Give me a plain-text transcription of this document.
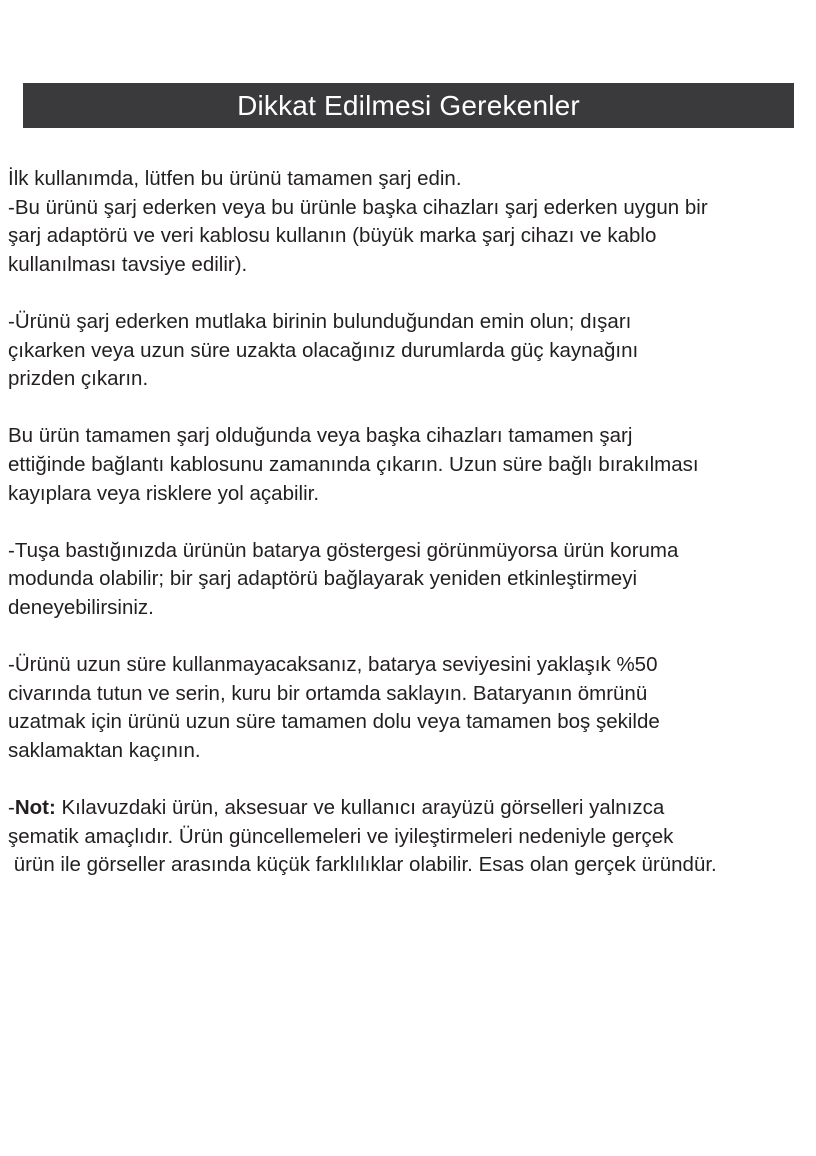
Dikkat Edilmesi Gerekenler

İlk kullanımda, lütfen bu ürünü tamamen şarj edin.
-Bu ürünü şarj ederken veya bu ürünle başka cihazları şarj ederken uygun bir
şarj adaptörü ve veri kablosu kullanın (büyük marka şarj cihazı ve kablo
kullanılması tavsiye edilir).

-Ürünü şarj ederken mutlaka birinin bulunduğundan emin olun; dışarı
çıkarken veya uzun süre uzakta olacağınız durumlarda güç kaynağını
prizden çıkarın.

Bu ürün tamamen şarj olduğunda veya başka cihazları tamamen şarj
ettiğinde bağlantı kablosunu zamanında çıkarın. Uzun süre bağlı bırakılması
kayıplara veya risklere yol açabilir.

-Tuşa bastığınızda ürünün batarya göstergesi görünmüyorsa ürün koruma
modunda olabilir; bir şarj adaptörü bağlayarak yeniden etkinleştirmeyi
deneyebilirsiniz.

-Ürünü uzun süre kullanmayacaksanız, batarya seviyesini yaklaşık %50
civarında tutun ve serin, kuru bir ortamda saklayın. Bataryanın ömrünü
uzatmak için ürünü uzun süre tamamen dolu veya tamamen boş şekilde
saklamaktan kaçının.

-Not: Kılavuzdaki ürün, aksesuar ve kullanıcı arayüzü görselleri yalnızca
şematik amaçlıdır. Ürün güncellemeleri ve iyileştirmeleri nedeniyle gerçek
ürün ile görseller arasında küçük farklılıklar olabilir. Esas olan gerçek üründür.
